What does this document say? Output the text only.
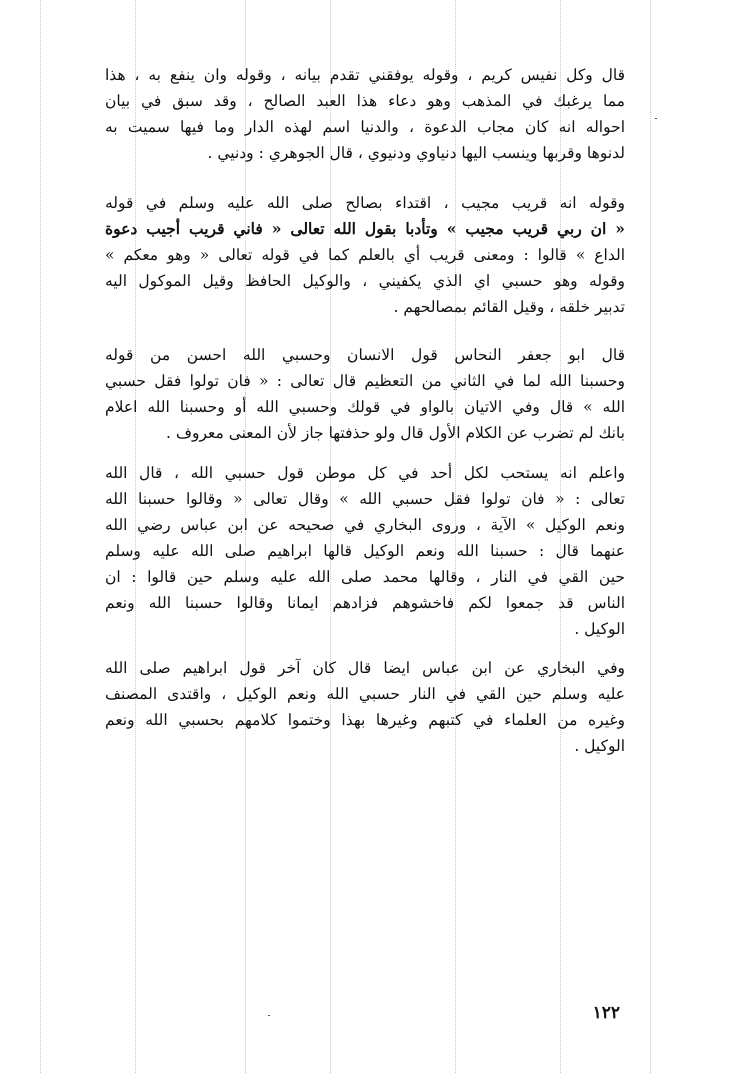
قال وكل نفيس كريم ، وقوله يوفقني تقدم بيانه ، وقوله وان ينفع به ، هذا
مما يرغبك في المذهب وهو دعاء هذا العبد الصالح ، وقد سبق في بيان
احواله انه كان مجاب الدعوة ، والدنيا اسم لهذه الدار وما فيها سميت به
لدنوها وقربها وينسب اليها دنياوي ودنيوي ، قال الجوهري : ودنيي .
وقوله انه قريب مجيب ، اقتداء بصالح صلى الله عليه وسلم في قوله
« ان ربي قريب مجيب » وتأدبا بقول الله تعالى « فاني قريب أجيب دعوة
الداع » قالوا : ومعنى قريب أي بالعلم كما في قوله تعالى « وهو معكم »
وقوله وهو حسبي اي الذي يكفيني ، والوكيل الحافظ وقيل الموكول اليه
تدبير خلقه ، وقيل القائم بمصالحهم .
قال ابو جعفر النحاس قول الانسان وحسبي الله احسن من قوله
وحسبنا الله لما في الثاني من التعظيم قال تعالى : « فان تولوا فقل حسبي
الله » قال وفي الاتيان بالواو في قولك وحسبي الله أو وحسبنا الله اعلام
بانك لم تضرب عن الكلام الأول قال ولو حذفتها جاز لأن المعنى معروف .
واعلم انه يستحب لكل أحد في كل موطن قول حسبي الله ، قال الله
تعالى : « فان تولوا فقل حسبي الله » وقال تعالى « وقالوا حسبنا الله
ونعم الوكيل » الآية ، وروى البخاري في صحيحه عن ابن عباس رضي الله
عنهما قال : حسبنا الله ونعم الوكيل قالها ابراهيم صلى الله عليه وسلم
حين القي في النار ، وقالها محمد صلى الله عليه وسلم حين قالوا : ان
الناس قد جمعوا لكم فاخشوهم فزادهم ايمانا وقالوا حسبنا الله ونعم
الوكيل .
وفي البخاري عن ابن عباس ايضا قال كان آخر قول ابراهيم صلى الله
عليه وسلم حين القي في النار حسبي الله ونعم الوكيل ، واقتدى المصنف
وغيره من العلماء في كتبهم وغيرها بهذا وختموا كلامهم بحسبي الله ونعم
الوكيل .
١٢٢
